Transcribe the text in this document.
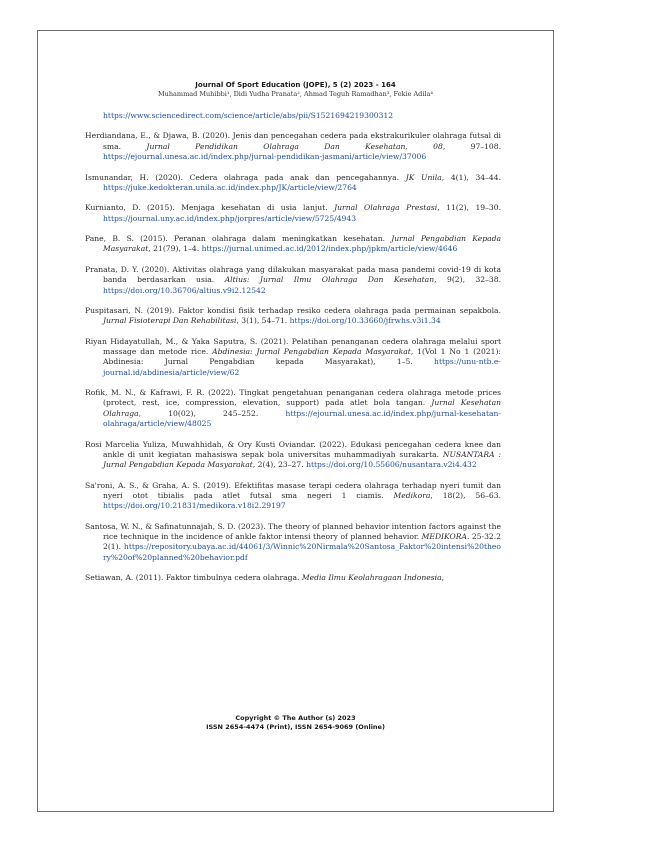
Journal Of Sport Education (JOPE), 5 (2) 2023 - 164
Muhammad Muhibbi¹, Didi Yudha Pranata², Ahmad Teguh Ramadhan³, Fekie Adila⁴
https://www.sciencedirect.com/science/article/abs/pii/S1521694219300312
Herdiandana, E., & Djawa, B. (2020). Jenis dan pencegahan cedera pada ekstrakurikuler olahraga futsal di sma. Jurnal Pendidikan Olahraga Dan Kesehatan, 08, 97–108. https://ejournal.unesa.ac.id/index.php/jurnal-pendidikan-jasmani/article/view/37006
Ismunandar, H. (2020). Cedera olahraga pada anak dan pencegahannya. JK Unila, 4(1), 34–44. https://juke.kedokteran.unila.ac.id/index.php/JK/article/view/2764
Kurnianto, D. (2015). Menjaga kesehatan di usia lanjut. Jurnal Olahraga Prestasi, 11(2), 19–30. https://journal.uny.ac.id/index.php/jorpres/article/view/5725/4943
Pane, B. S. (2015). Peranan olahraga dalam meningkatkan kesehatan. Jurnal Pengabdian Kepada Masyarakat, 21(79), 1–4. https://jurnal.unimed.ac.id/2012/index.php/jpkm/article/view/4646
Pranata, D. Y. (2020). Aktivitas olahraga yang dilakukan masyarakat pada masa pandemi covid-19 di kota banda berdasarkan usia. Altius: Jurnal Ilmu Olahraga Dan Kesehatan, 9(2), 32–38. https://doi.org/10.36706/altius.v9i2.12542
Puspitasari, N. (2019). Faktor kondisi fisik terhadap resiko cedera olahraga pada permainan sepakbola. Jurnal Fisioterapi Dan Rehabilitasi, 3(1), 54–71. https://doi.org/10.33660/jfrwhs.v3i1.34
Riyan Hidayatullah, M., & Yaka Saputra, S. (2021). Pelatihan penanganan cedera olahraga melalui sport massage dan metode rice. Abdinesia: Jurnal Pengabdian Kepada Masyarakat, 1(Vol 1 No 1 (2021): Abdinesia: Jurnal Pengabdian kepada Masyarakat), 1–5. https://unu-ntb.e-journal.id/abdinesia/article/view/62
Rofik, M. N., & Kafrawi, F. R. (2022). Tingkat pengetahuan penanganan cedera olahraga metode prices (protect, rest, ice, compression, elevation, support) pada atlet bola tangan. Jurnal Kesehatan Olahraga, 10(02), 245–252. https://ejournal.unesa.ac.id/index.php/jurnal-kesehatan-olahraga/article/view/48025
Rosi Marcelia Yuliza, Muwahhidah, & Ory Kusti Oviandar. (2022). Edukasi pencegahan cedera knee dan ankle di unit kegiatan mahasiswa sepak bola universitas muhammadiyah surakarta. NUSANTARA : Jurnal Pengabdian Kepada Masyarakat, 2(4), 23–27. https://doi.org/10.55606/nusantara.v2i4.432
Sa'roni, A. S., & Graha, A. S. (2019). Efektifitas masase terapi cedera olahraga terhadap nyeri tumit dan nyeri otot tibialis pada atlet futsal sma negeri 1 ciamis. Medikora, 18(2), 56–63. https://doi.org/10.21831/medikora.v18i2.29197
Santosa, W. N., & Safinatunnajah, S. D. (2023). The theory of planned behavior intention factors against the rice technique in the incidence of ankle faktor intensi theory of planned behavior. MEDIKORA. 25-32.22(1). https://repository.ubaya.ac.id/44061/3/Winnic%20Nirmala%20Santosa_Faktor%20intensi%20theory%20of%20planned%20behavior.pdf
Setiawan, A. (2011). Faktor timbulnya cedera olahraga. Media Ilmu Keolahragaan Indonesia,
Copyright © The Author (s) 2023
ISSN 2654-4474 (Print), ISSN 2654-9069 (Online)
